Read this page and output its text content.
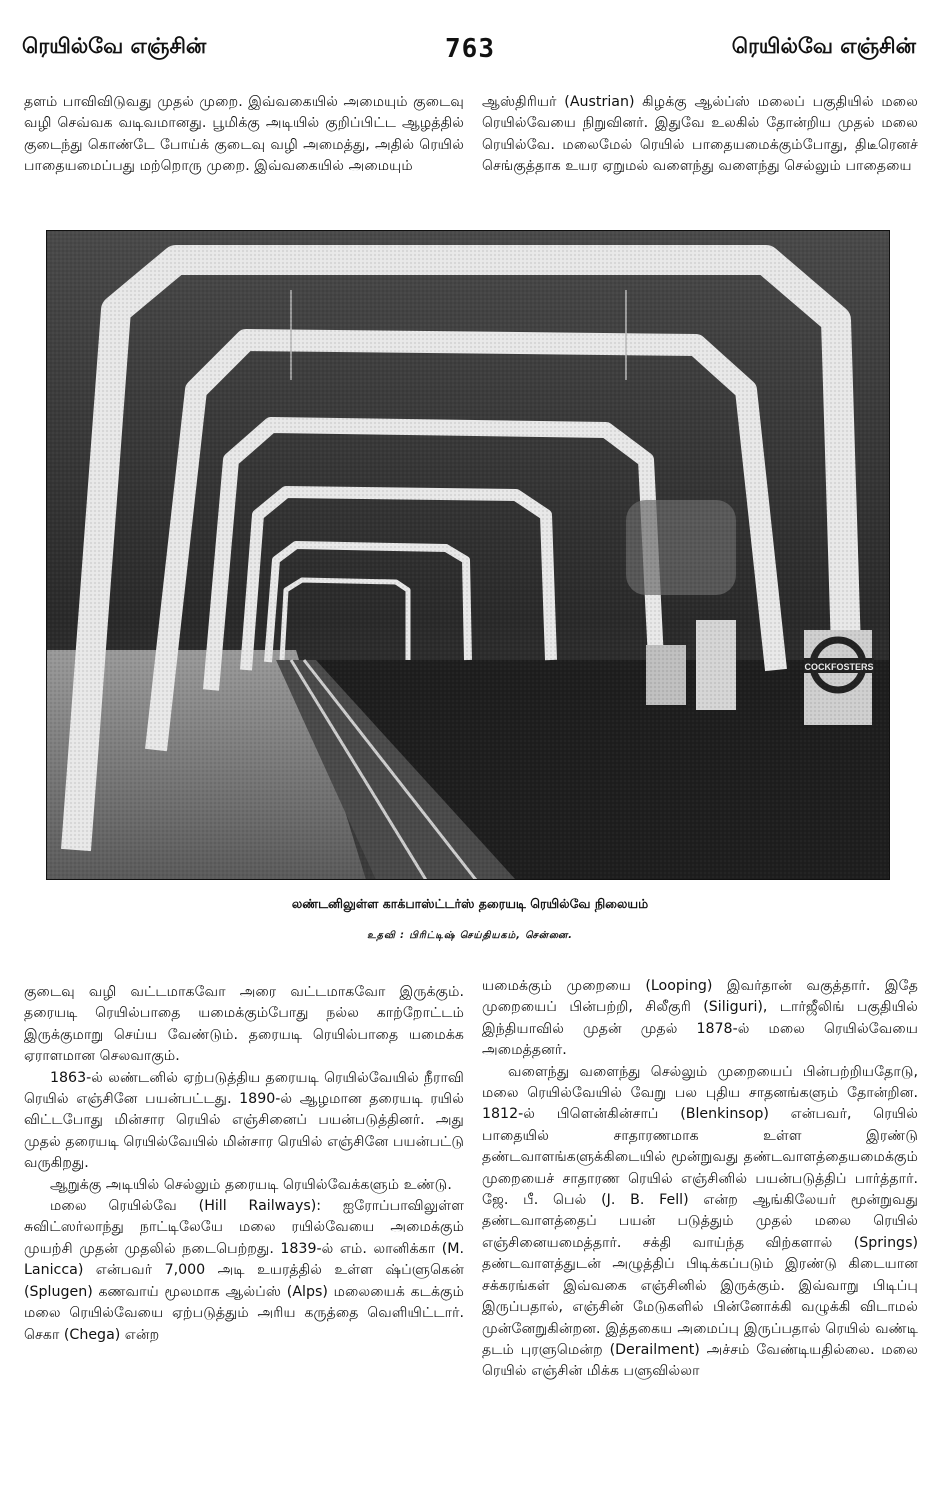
ரெயில்வே எஞ்சின்	763	ரெயில்வே எஞ்சின்

தளம் பாவிவிடுவது முதல் முறை. இவ்வகையில் அமையும் குடைவு வழி செவ்வக வடிவமானது. பூமிக்கு அடியில் குறிப்பிட்ட ஆழத்தில் குடைந்து கொண்டே போய்க் குடைவு வழி அமைத்து, அதில் ரெயில் பாதையமைப்பது மற்றொரு முறை. இவ்வகையில் அமையும்

ஆஸ்திரியர் (Austrian) கிழக்கு ஆல்ப்ஸ் மலைப் பகுதியில் மலை ரெயில்வேயை நிறுவினர். இதுவே உலகில் தோன்றிய முதல் மலை ரெயில்வே. மலைமேல் ரெயில் பாதையமைக்கும்போது, திடீரெனச் செங்குத்தாக உயர ஏறுமல் வளைந்து வளைந்து செல்லும் பாதையை

லண்டனிலுள்ள காக்பாஸ்ட்டர்ஸ் தரையடி ரெயில்வே நிலையம்
உதவி : பிரிட்டிஷ் செய்தியகம், சென்னை.

குடைவு வழி வட்டமாகவோ அரை வட்டமாகவோ இருக்கும். தரையடி ரெயில்பாதை யமைக்கும்போது நல்ல காற்றோட்டம் இருக்குமாறு செய்ய வேண்டும். தரையடி ரெயில்பாதை யமைக்க ஏராளமான செலவாகும்.

1863-ல் லண்டனில் ஏற்படுத்திய தரையடி ரெயில்வேயில் நீராவி ரெயில் எஞ்சினே பயன்பட்டது. 1890-ல் ஆழமான தரையடி ரயில் விட்டபோது மின்சார ரெயில் எஞ்சினைப் பயன்படுத்தினர். அது முதல் தரையடி ரெயில்வேயில் மின்சார ரெயில் எஞ்சினே பயன்பட்டு வருகிறது.

ஆறுக்கு அடியில் செல்லும் தரையடி ரெயில்வேக்களும் உண்டு.

மலை ரெயில்வே (Hill Railways): ஐரோப்பாவிலுள்ள சுவிட்ஸர்லாந்து நாட்டிலேயே மலை ரயில்வேயை அமைக்கும் முயற்சி முதன் முதலில் நடைபெற்றது. 1839-ல் எம். லானிக்கா (M. Lanicca) என்பவர் 7,000 அடி உயரத்தில் உள்ள ஷ்ப்ளுகென் (Splugen) கணவாய் மூலமாக ஆல்ப்ஸ் (Alps) மலையைக் கடக்கும் மலை ரெயில்வேயை ஏற்படுத்தும் அரிய கருத்தை வெளியிட்டார். செகா (Chega) என்ற

யமைக்கும் முறையை (Looping) இவர்தான் வகுத்தார். இதே முறையைப் பின்பற்றி, சிலீகுரி (Siliguri), டார்ஜீலிங் பகுதியில் இந்தியாவில் முதன் முதல் 1878-ல் மலை ரெயில்வேயை அமைத்தனர்.

வளைந்து வளைந்து செல்லும் முறையைப் பின்பற்றியதோடு, மலை ரெயில்வேயில் வேறு பல புதிய சாதனங்களும் தோன்றின. 1812-ல் பிளென்கின்சாப் (Blenkinsop) என்பவர், ரெயில் பாதையில் சாதாரணமாக உள்ள இரண்டு தண்டவாளங்களுக்கிடையில் மூன்றுவது தண்டவாளத்தையமைக்கும் முறையைச் சாதாரண ரெயில் எஞ்சினில் பயன்படுத்திப் பார்த்தார். ஜே. பீ. பெல் (J. B. Fell) என்ற ஆங்கிலேயர் மூன்றுவது தண்டவாளத்தைப் பயன் படுத்தும் முதல் மலை ரெயில் எஞ்சினையமைத்தார். சக்தி வாய்ந்த விற்களால் (Springs) தண்டவாளத்துடன் அழுத்திப் பிடிக்கப்படும் இரண்டு கிடையான சக்கரங்கள் இவ்வகை எஞ்சினில் இருக்கும். இவ்வாறு பிடிப்பு இருப்பதால், எஞ்சின் மேடுகளில் பின்னோக்கி வழுக்கி விடாமல் முன்னேறுகின்றன. இத்தகைய அமைப்பு இருப்பதால் ரெயில் வண்டி தடம் புரளுமென்ற (Derailment) அச்சம் வேண்டியதில்லை. மலை ரெயில் எஞ்சின் மிக்க பளுவில்லா
